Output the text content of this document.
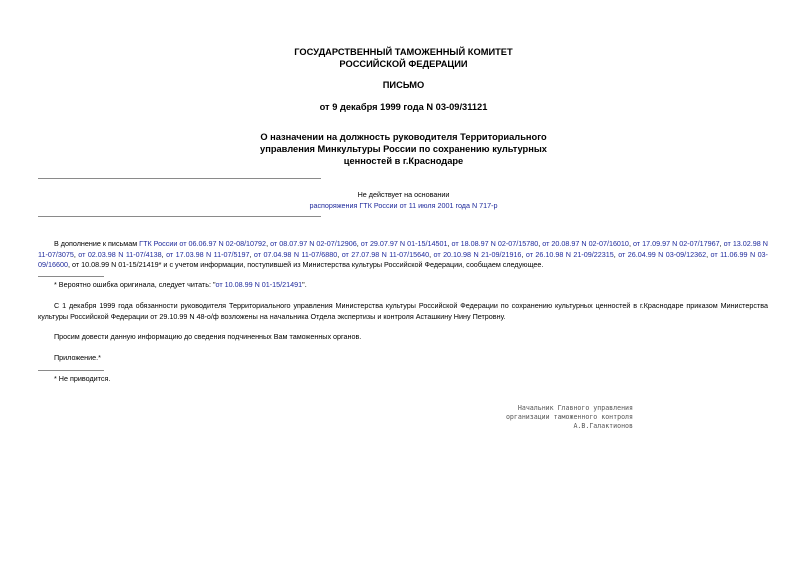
ГОСУДАРСТВЕННЫЙ ТАМОЖЕННЫЙ КОМИТЕТ
РОССИЙСКОЙ ФЕДЕРАЦИИ
ПИСЬМО
от 9 декабря 1999 года N 03-09/31121
О назначении на должность руководителя Территориального
управления Минкультуры России по сохранению культурных
ценностей в г.Краснодаре
Не действует на основании
распоряжения ГТК России от 11 июля 2001 года N 717-р
В дополнение к письмам ГТК России от 06.06.97 N 02-08/10792, от 08.07.97 N 02-07/12906, от 29.07.97 N 01-15/14501, от 18.08.97 N 02-07/15780, от 20.08.97 N 02-07/16010, от 17.09.97 N 02-07/17967, от 13.02.98 N 11-07/3075, от 02.03.98 N 11-07/4138, от 17.03.98 N 11-07/5197, от 07.04.98 N 11-07/6880, от 27.07.98 N 11-07/15640, от 20.10.98 N 21-09/21916, от 26.10.98 N 21-09/22315, от 26.04.99 N 03-09/12362, от 11.06.99 N 03-09/16600, от 10.08.99 N 01-15/21419* и с учетом информации, поступившей из Министерства культуры Российской Федерации, сообщаем следующее.
* Вероятно ошибка оригинала, следует читать: "от 10.08.99 N 01-15/21491".
С 1 декабря 1999 года обязанности руководителя Территориального управления Министерства культуры Российской Федерации по сохранению культурных ценностей в г.Краснодаре приказом Министерства культуры Российской Федерации от 29.10.99 N 48-о/ф возложены на начальника Отдела экспертизы и контроля Асташкину Нину Петровну.
Просим довести данную информацию до сведения подчиненных Вам таможенных органов.
Приложение.*
* Не приводится.
Начальник Главного управления
организации таможенного контроля
А.В.Галактионов
